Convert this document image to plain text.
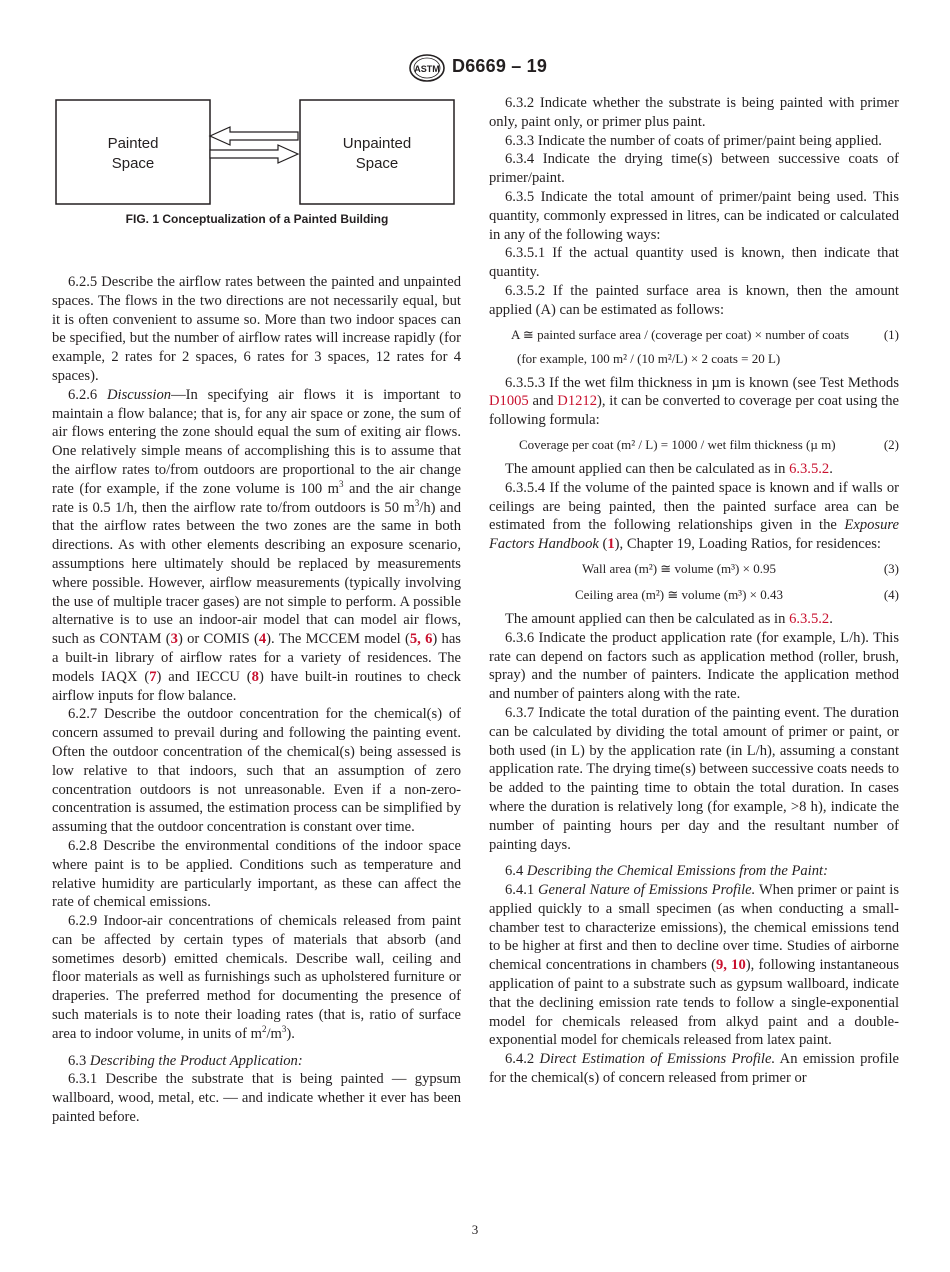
ASTM D6669 – 19
Painted
Space
Unpainted
Space
FIG. 1 Conceptualization of a Painted Building

6.2.5 Describe the airflow rates between the painted and unpainted spaces. The flows in the two directions are not necessarily equal, but it is often convenient to assume so. More than two indoor spaces can be specified, but the number of airflow rates will increase rapidly (for example, 2 rates for 2 spaces, 6 rates for 3 spaces, 12 rates for 4 spaces).

6.2.6 Discussion—In specifying air flows it is important to maintain a flow balance; that is, for any air space or zone, the sum of air flows entering the zone should equal the sum of exiting air flows. One relatively simple means of accomplishing this is to assume that the airflow rates to/from outdoors are proportional to the air change rate (for example, if the zone volume is 100 $m^3$ and the air change rate is 0.5 1/h, then the airflow rate to/from outdoors is 50 $m^3/h$) and that the airflow rates between the two zones are the same in both directions. As with other elements describing an exposure scenario, assumptions here ultimately should be replaced by measurements where possible. However, airflow measurements (typically involving the use of multiple tracer gases) are not simple to perform. A possible alternative is to use an indoor-air model that can model air flows, such as CONTAM (3) or COMIS (4). The MCCEM model (5, 6) has a built-in library of airflow rates for a variety of residences. The models IAQX (7) and IECCU (8) have built-in routines to check airflow inputs for flow balance.

6.2.7 Describe the outdoor concentration for the chemical(s) of concern assumed to prevail during and following the painting event. Often the outdoor concentration of the chemical(s) being assessed is low relative to that indoors, such that an assumption of zero concentration outdoors is not unreasonable. Even if a non-zero-concentration is assumed, the estimation process can be simplified by assuming that the outdoor concentration is constant over time.

6.2.8 Describe the environmental conditions of the indoor space where paint is to be applied. Conditions such as temperature and relative humidity are particularly important, as these can affect the rate of chemical emissions.

6.2.9 Indoor-air concentrations of chemicals released from paint can be affected by certain types of materials that absorb (and sometimes desorb) emitted chemicals. Describe wall, ceiling and floor materials as well as furnishings such as upholstered furniture or draperies. The preferred method for documenting the presence of such materials is to note their loading rates (that is, ratio of surface area to indoor volume, in units of $m^2/m^3$).

6.3 Describing the Product Application:

6.3.1 Describe the substrate that is being painted — gypsum wallboard, wood, metal, etc. — and indicate whether it ever has been painted before.

6.3.2 Indicate whether the substrate is being painted with primer only, paint only, or primer plus paint.

6.3.3 Indicate the number of coats of primer/paint being applied.

6.3.4 Indicate the drying time(s) between successive coats of primer/paint.

6.3.5 Indicate the total amount of primer/paint being used. This quantity, commonly expressed in litres, can be indicated or calculated in any of the following ways:

6.3.5.1 If the actual quantity used is known, then indicate that quantity.

6.3.5.2 If the painted surface area is known, then the amount applied (A) can be estimated as follows:

A ≅ painted surface area / (coverage per coat) × number of coats	(1)
(for example, 100 m² / (10 m²/L) × 2 coats = 20 L)

6.3.5.3 If the wet film thickness in µm is known (see Test Methods D1005 and D1212), it can be converted to coverage per coat using the following formula:

Coverage per coat (m² / L) = 1000 / wet film thickness (µ m)	(2)

The amount applied can then be calculated as in 6.3.5.2.

6.3.5.4 If the volume of the painted space is known and if walls or ceilings are being painted, then the painted surface area can be estimated from the following relationships given in the Exposure Factors Handbook (1), Chapter 19, Loading Ratios, for residences:

Wall area (m²) ≅ volume (m³) × 0.95	(3)
Ceiling area (m²) ≅ volume (m³) × 0.43	(4)

The amount applied can then be calculated as in 6.3.5.2.

6.3.6 Indicate the product application rate (for example, L/h). This rate can depend on factors such as application method (roller, brush, spray) and the number of painters. Indicate the application method and number of painters along with the rate.

6.3.7 Indicate the total duration of the painting event. The duration can be calculated by dividing the total amount of primer or paint, or both used (in L) by the application rate (in L/h), assuming a constant application rate. The drying time(s) between successive coats needs to be added to the painting time to obtain the total duration. In cases where the duration is relatively long (for example, >8 h), indicate the number of painting hours per day and the resultant number of painting days.

6.4 Describing the Chemical Emissions from the Paint:

6.4.1 General Nature of Emissions Profile. When primer or paint is applied quickly to a small specimen (as when conducting a small-chamber test to characterize emissions), the chemical emissions tend to be higher at first and then to decline over time. Studies of airborne chemical concentrations in chambers (9, 10), following instantaneous application of paint to a substrate such as gypsum wallboard, indicate that the declining emission rate tends to follow a single-exponential model for chemicals released from alkyd paint and a double-exponential model for chemicals released from latex paint.

6.4.2 Direct Estimation of Emissions Profile. An emission profile for the chemical(s) of concern released from primer or

3
